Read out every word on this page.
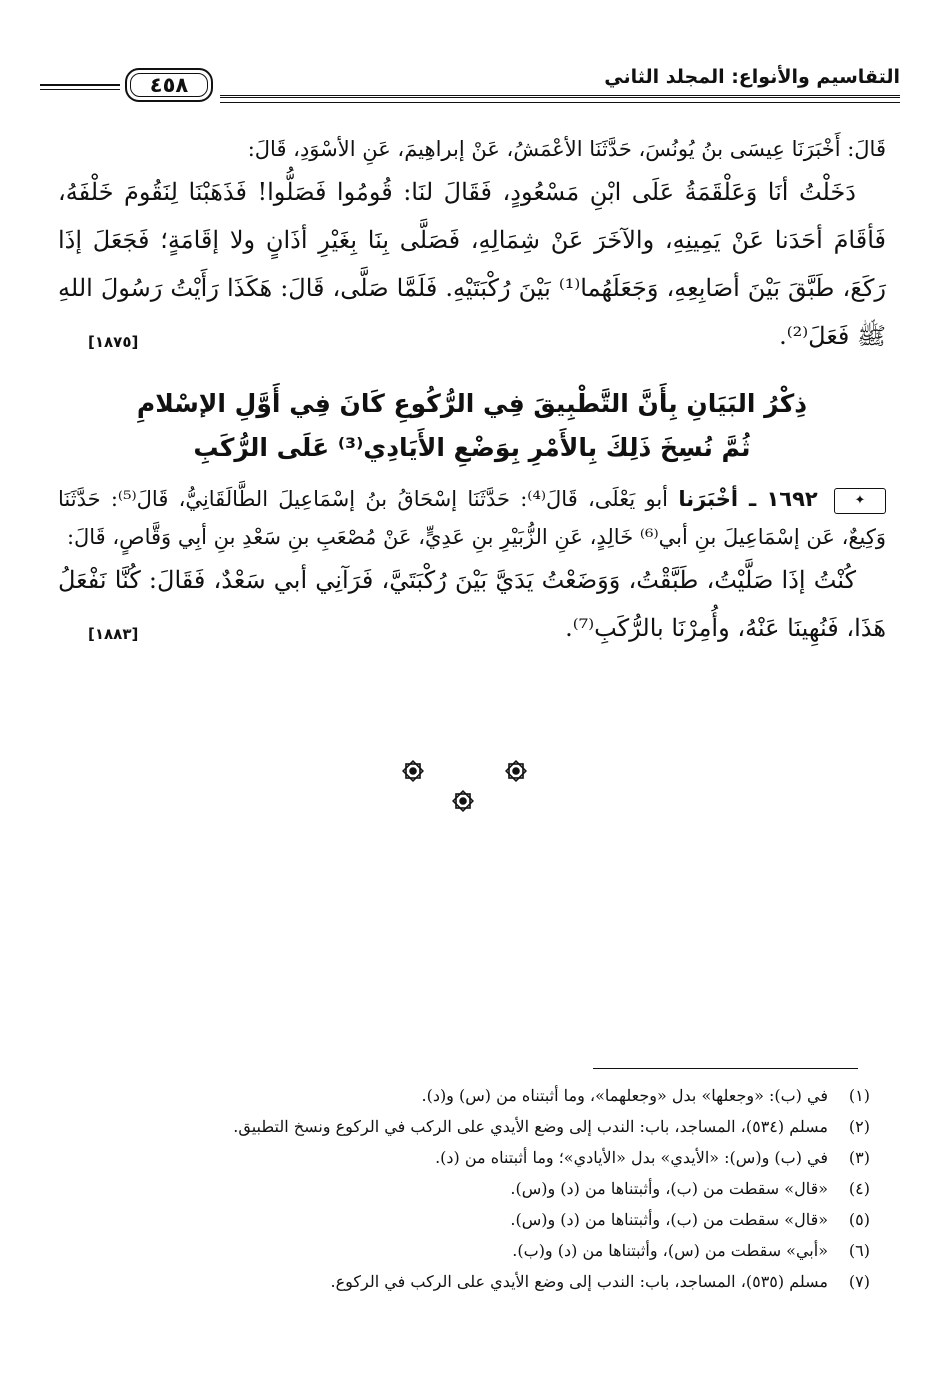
٤٥٨	التقاسيم والأنواع: المجلد الثاني

قَالَ: أَخْبَرَنَا عِيسَى بنُ يُونُسَ، حَدَّثَنَا الأعْمَشُ، عَنْ إبراهِيمَ، عَنِ الأسْوَدِ، قَالَ:

دَخَلْتُ أنَا وَعَلْقَمَةُ عَلَى ابْنِ مَسْعُودٍ، فَقَالَ لنَا: قُومُوا فَصَلُّوا! فَذَهَبْنَا لِنَقُومَ خَلْفَهُ، فَأقَامَ أحَدَنا عَنْ يَمِينِهِ، والآخَرَ عَنْ شِمَالِهِ، فَصَلَّى بِنَا بِغَيْرِ أذَانٍ ولا إقَامَةٍ؛ فَجَعَلَ إذَا رَكَعَ، طَبَّقَ بَيْنَ أصَابِعِهِ، وَجَعَلَهُما⁽¹⁾ بَيْنَ رُكْبَتَيْهِ. فَلَمَّا صَلَّى، قَالَ: هَكَذَا رَأَيْتُ رَسُولَ اللهِ ﷺ فَعَلَ⁽²⁾.
[١٨٧٥]

ذِكْرُ البَيَانِ بِأَنَّ التَّطْبِيقَ فِي الرُّكُوعِ كَانَ فِي أَوَّلِ الإسْلامِ
ثُمَّ نُسِخَ ذَلِكَ بِالأَمْرِ بِوَضْعِ الأَيَادِي⁽³⁾ عَلَى الرُّكَبِ

✦
١٦٩٢ ـ أخْبَرَنا أبو يَعْلَى، قَالَ⁽⁴⁾: حَدَّثَنَا إسْحَاقُ بنُ إسْمَاعِيلَ الطَّالَقَانِيُّ، قَالَ⁽⁵⁾: حَدَّثَنَا وَكِيعٌ، عَن إسْمَاعِيلَ بنِ أبي⁽⁶⁾ خَالِدٍ، عَنِ الزُّبَيْرِ بنِ عَدِيٍّ، عَنْ مُصْعَبِ بنِ سَعْدِ بنِ أبِي وَقَّاصٍ، قَالَ:

كُنْتُ إذَا صَلَّيْتُ، طَبَّقْتُ، وَوَضَعْتُ يَدَيَّ بَيْنَ رُكْبَتَيَّ، فَرَآنِي أبي سَعْدٌ، فَقَالَ: كُنَّا نَفْعَلُ هَذَا، فَنُهِينَا عَنْهُ، وأُمِرْنَا بالرُّكَبِ⁽⁷⁾.
[١٨٨٣]

(١)في (ب): «وجعلها» بدل «وجعلهما»، وما أثبتناه من (س) و(د).
(٢)مسلم (٥٣٤)، المساجد، باب: الندب إلى وضع الأيدي على الركب في الركوع ونسخ التطبيق.
(٣)في (ب) و(س): «الأيدي» بدل «الأيادي»؛ وما أثبتناه من (د).
(٤)«قال» سقطت من (ب)، وأثبتناها من (د) و(س).
(٥)«قال» سقطت من (ب)، وأثبتناها من (د) و(س).
(٦)«أبي» سقطت من (س)، وأثبتناها من (د) و(ب).
(٧)مسلم (٥٣٥)، المساجد، باب: الندب إلى وضع الأيدي على الركب في الركوع.
